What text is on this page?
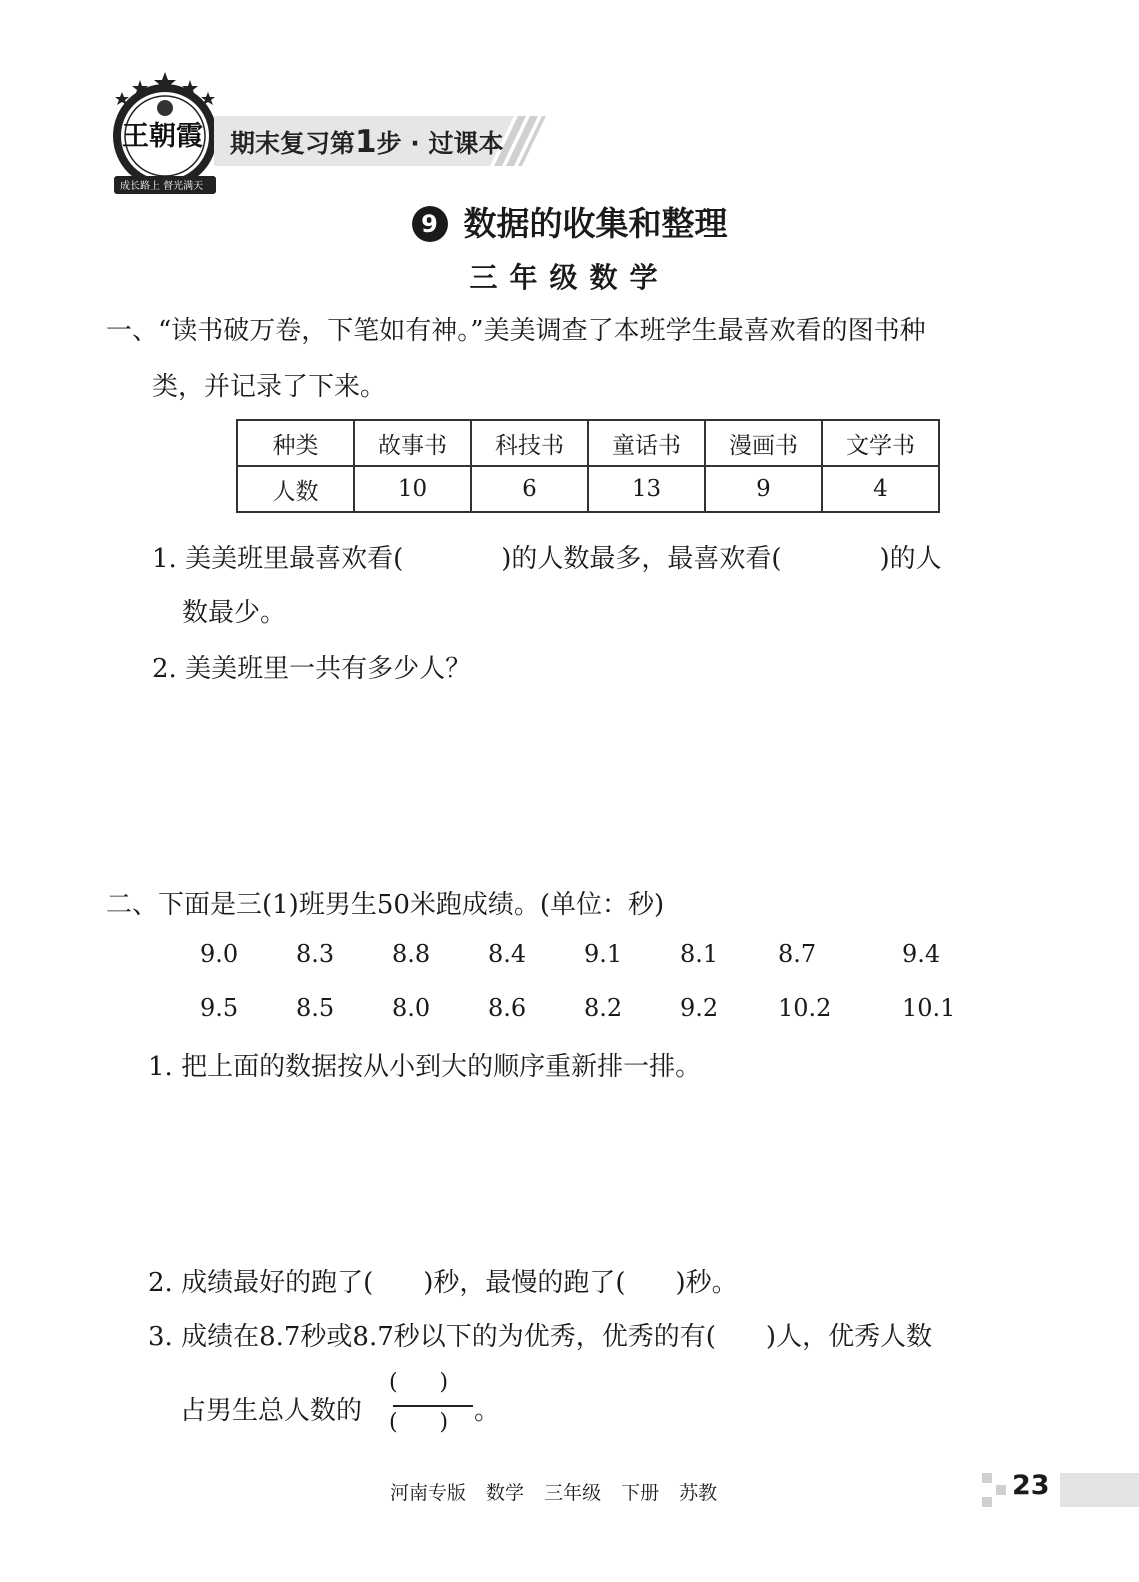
王朝霞
成长路上 督光满天
期末复习第1步 · 过课本
9 数据的收集和整理
三年级数学
一、“读书破万卷，下笔如有神。”美美调查了本班学生最喜欢看的图书种
类，并记录了下来。
种类	故事书	科技书	童话书	漫画书	文学书
人数	10	6	13	9	4
1. 美美班里最喜欢看(	)的人数最多，最喜欢看(	)的人
数最少。
2. 美美班里一共有多少人？
二、下面是三(1)班男生50米跑成绩。(单位：秒)
9.0 8.3 8.8 8.4 9.1 8.1 8.7	9.4
9.5 8.5 8.0 8.6 8.2 9.2 10.2	10.1
1. 把上面的数据按从小到大的顺序重新排一排。
2. 成绩最好的跑了( )秒，最慢的跑了( )秒。
3. 成绩在8.7秒或8.7秒以下的为优秀，优秀的有( )人，优秀人数
占男生总人数的
(      )
(      ) 。
河南专版 数学 三年级 下册 苏教	23
